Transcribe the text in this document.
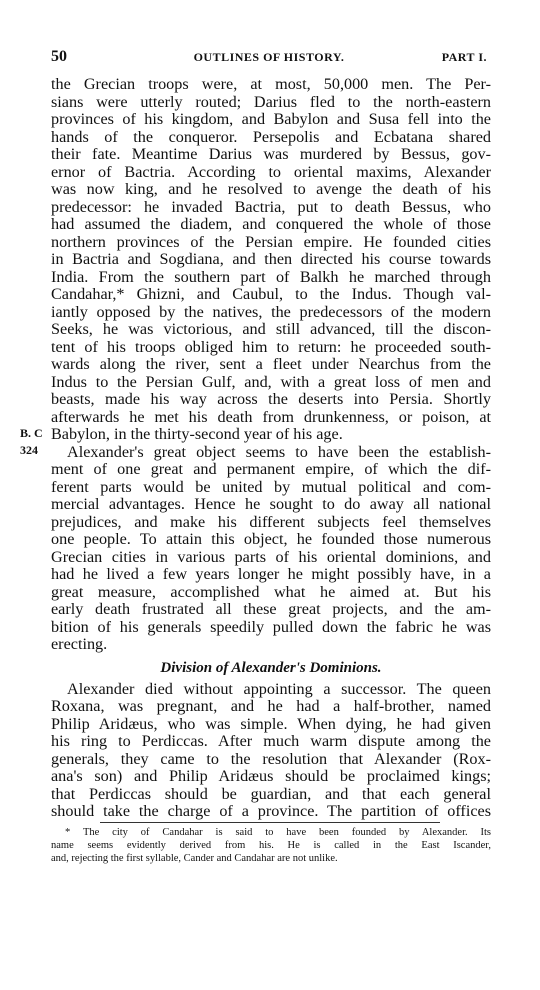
50	OUTLINES OF HISTORY.	PART I.
B. C
324
the Grecian troops were, at most, 50,000 men. The Per-
sians were utterly routed; Darius fled to the north-eastern
provinces of his kingdom, and Babylon and Susa fell into the
hands of the conqueror. Persepolis and Ecbatana shared
their fate. Meantime Darius was murdered by Bessus, gov-
ernor of Bactria. According to oriental maxims, Alexander
was now king, and he resolved to avenge the death of his
predecessor: he invaded Bactria, put to death Bessus, who
had assumed the diadem, and conquered the whole of those
northern provinces of the Persian empire. He founded cities
in Bactria and Sogdiana, and then directed his course towards
India. From the southern part of Balkh he marched through
Candahar,* Ghizni, and Caubul, to the Indus. Though val-
iantly opposed by the natives, the predecessors of the modern
Seeks, he was victorious, and still advanced, till the discon-
tent of his troops obliged him to return: he proceeded south-
wards along the river, sent a fleet under Nearchus from the
Indus to the Persian Gulf, and, with a great loss of men and
beasts, made his way across the deserts into Persia. Shortly
afterwards he met his death from drunkenness, or poison, at
Babylon, in the thirty-second year of his age.
Alexander's great object seems to have been the establish-
ment of one great and permanent empire, of which the dif-
ferent parts would be united by mutual political and com-
mercial advantages. Hence he sought to do away all national
prejudices, and make his different subjects feel themselves
one people. To attain this object, he founded those numerous
Grecian cities in various parts of his oriental dominions, and
had he lived a few years longer he might possibly have, in a
great measure, accomplished what he aimed at. But his
early death frustrated all these great projects, and the am-
bition of his generals speedily pulled down the fabric he was
erecting.
Division of Alexander's Dominions.
Alexander died without appointing a successor. The queen
Roxana, was pregnant, and he had a half-brother, named
Philip Aridæus, who was simple. When dying, he had given
his ring to Perdiccas. After much warm dispute among the
generals, they came to the resolution that Alexander (Rox-
ana's son) and Philip Aridæus should be proclaimed kings;
that Perdiccas should be guardian, and that each general
should take the charge of a province. The partition of offices
* The city of Candahar is said to have been founded by Alexander. Its
name seems evidently derived from his. He is called in the East Iscander,
and, rejecting the first syllable, Cander and Candahar are not unlike.
